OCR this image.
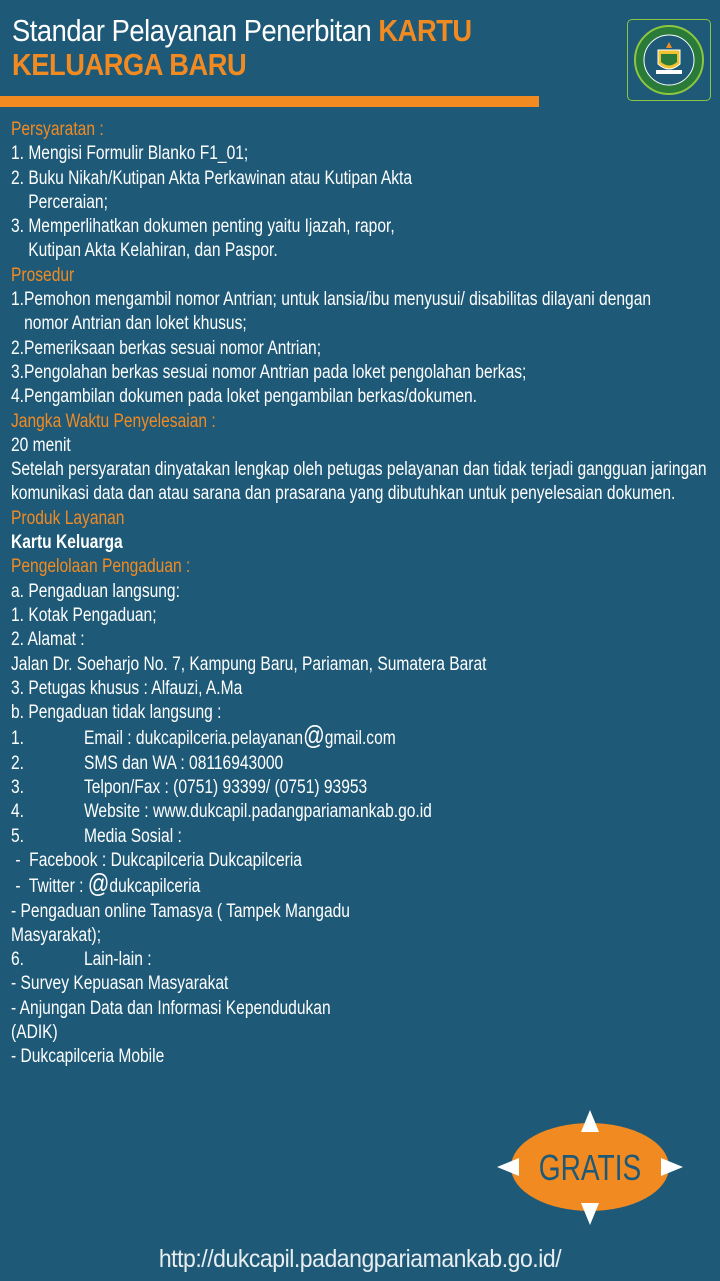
Standar Pelayanan Penerbitan KARTU KELUARGA BARU
Persyaratan :
1. Mengisi Formulir Blanko F1_01;
2. Buku Nikah/Kutipan Akta Perkawinan atau Kutipan Akta
Perceraian;
3. Memperlihatkan dokumen penting yaitu Ijazah, rapor,
Kutipan Akta Kelahiran, dan Paspor.
Prosedur
1.Pemohon mengambil nomor Antrian; untuk lansia/ibu menyusui/ disabilitas dilayani dengan
nomor Antrian dan loket khusus;
2.Pemeriksaan berkas sesuai nomor Antrian;
3.Pengolahan berkas sesuai nomor Antrian pada loket pengolahan berkas;
4.Pengambilan dokumen pada loket pengambilan berkas/dokumen.
Jangka Waktu Penyelesaian :
20 menit
Setelah persyaratan dinyatakan lengkap oleh petugas pelayanan dan tidak terjadi gangguan jaringan komunikasi data dan atau sarana dan prasarana yang dibutuhkan untuk penyelesaian dokumen.
Produk Layanan
Kartu Keluarga
Pengelolaan Pengaduan :
a. Pengaduan langsung:
1. Kotak Pengaduan;
2. Alamat :
Jalan Dr. Soeharjo No. 7, Kampung Baru, Pariaman, Sumatera Barat
3. Petugas khusus : Alfauzi, A.Ma
b. Pengaduan tidak langsung :
1.	Email : dukcapilceria.pelayanan@gmail.com
2.	SMS dan WA : 08116943000
3.	Telpon/Fax : (0751) 93399/ (0751) 93953
4.	Website : www.dukcapil.padangpariamankab.go.id
5.	Media Sosial :
-  Facebook : Dukcapilceria Dukcapilceria
-  Twitter : @dukcapilceria
- Pengaduan online Tamasya ( Tampek Mangadu
Masyarakat);
6.	Lain-lain :
- Survey Kepuasan Masyarakat
- Anjungan Data dan Informasi Kependudukan
(ADIK)
- Dukcapilceria Mobile
GRATIS
http://dukcapil.padangpariamankab.go.id/
